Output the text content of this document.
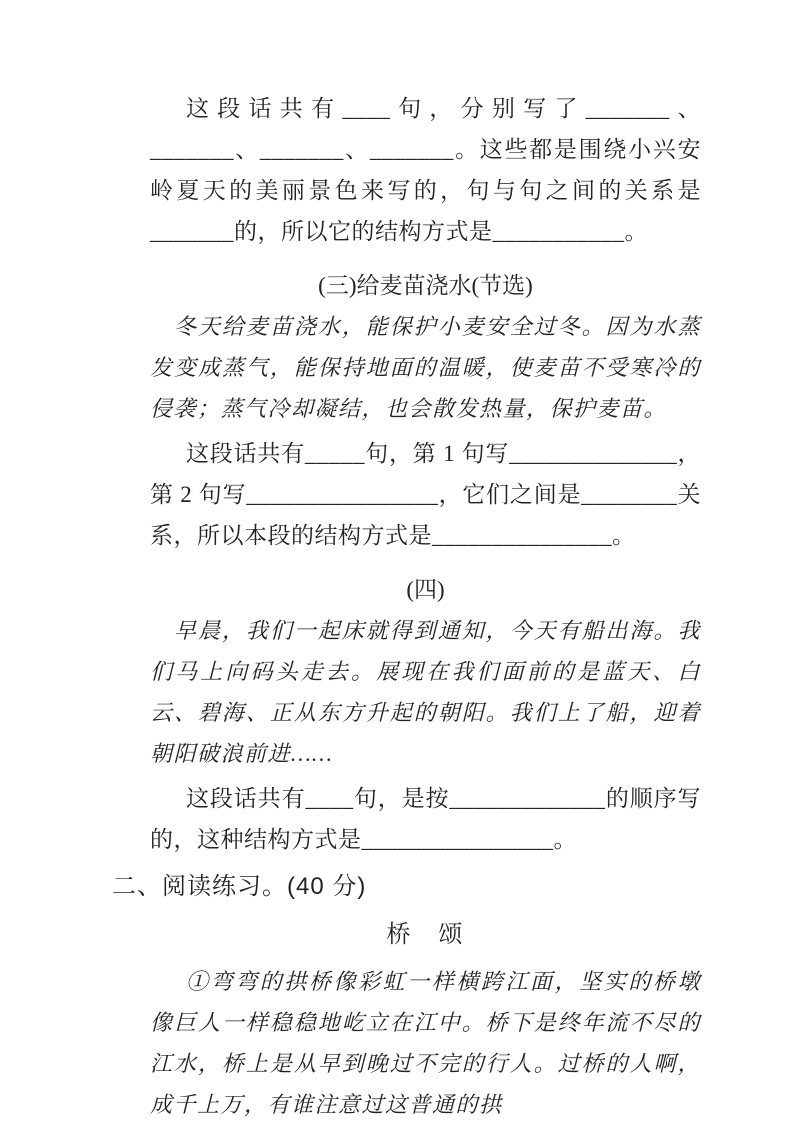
这段话共有____句，分别写了_______、_______、_______、_______。这些都是围绕小兴安岭夏天的美丽景色来写的，句与句之间的关系是_______的，所以它的结构方式是___________。

(三)给麦苗浇水(节选)

冬天给麦苗浇水，能保护小麦安全过冬。因为水蒸发变成蒸气，能保持地面的温暖，使麦苗不受寒冷的侵袭；蒸气冷却凝结，也会散发热量，保护麦苗。

这段话共有_____句，第 1 句写______________，第 2 句写________________，它们之间是________关系，所以本段的结构方式是_______________。

(四)

早晨，我们一起床就得到通知，今天有船出海。我们马上向码头走去。展现在我们面前的是蓝天、白云、碧海、正从东方升起的朝阳。我们上了船，迎着朝阳破浪前进……

这段话共有____句，是按_____________的顺序写的，这种结构方式是________________。

二、阅读练习。(40 分)
桥　颂

①弯弯的拱桥像彩虹一样横跨江面，坚实的桥墩像巨人一样稳稳地屹立在江中。桥下是终年流不尽的江水，桥上是从早到晚过不完的行人。过桥的人啊，成千上万，有谁注意过这普通的拱
